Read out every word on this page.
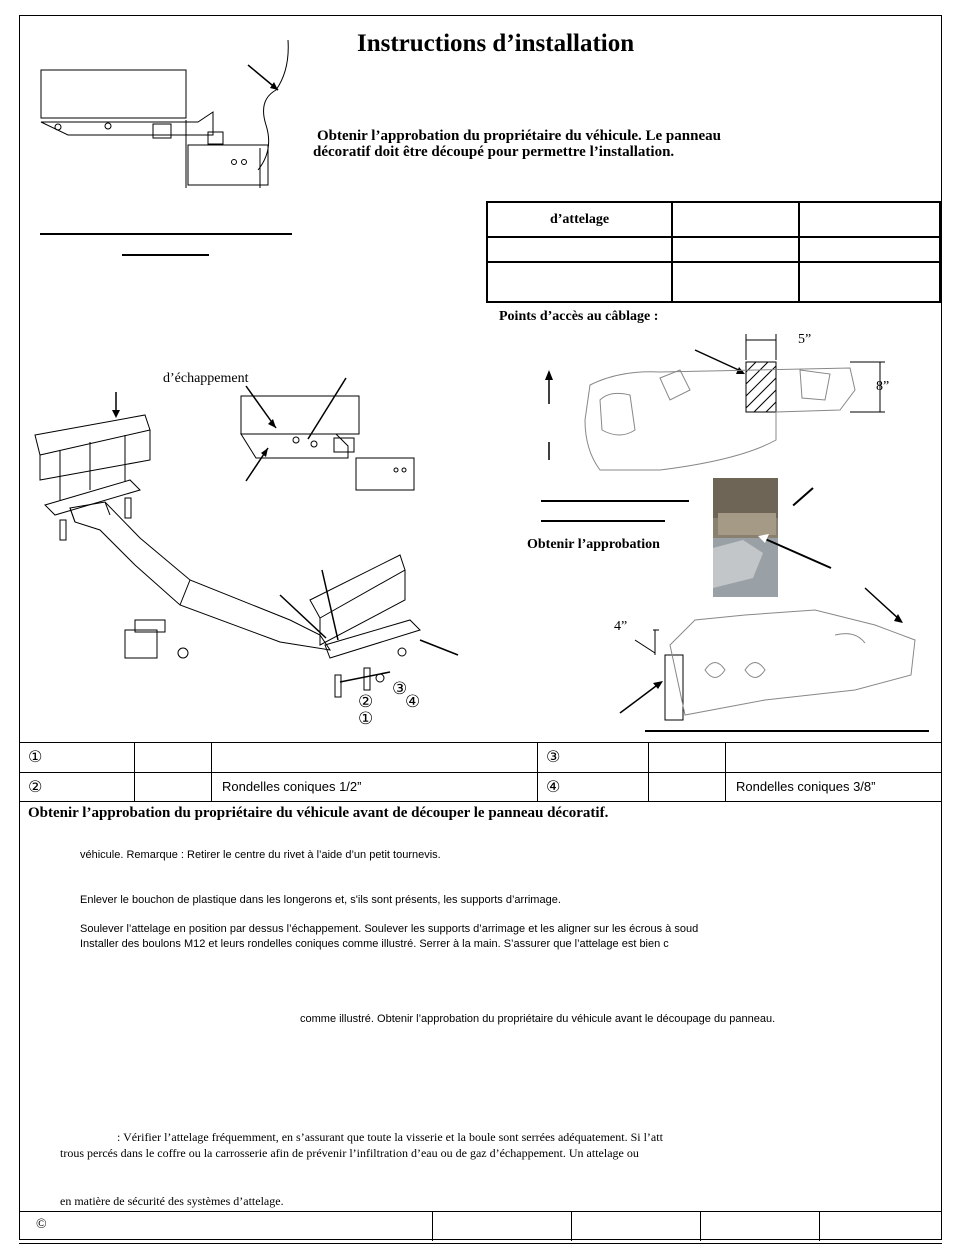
Instructions d’installation
Obtenir l’approbation du propriétaire du véhicule. Le panneau
décoratif doit être découpé pour permettre l’installation.
d’attelage		

Points d’accès au câblage :
d’échappement
③
② ④
①
5”
8”
Obtenir l’approbation
4”
①			③		
②		Rondelles coniques 1/2”	④		Rondelles coniques 3/8”
Obtenir l’approbation du propriétaire du véhicule avant de découper le panneau décoratif.
véhicule. Remarque : Retirer le centre du rivet à l’aide d’un petit tournevis.
Enlever le bouchon de plastique dans les longerons et, s'ils sont présents, les supports d’arrimage.
Soulever l’attelage en position par dessus l’échappement. Soulever les supports d’arrimage et les aligner sur les écrous à soud
Installer des boulons M12 et leurs rondelles coniques comme illustré. Serrer à la main. S’assurer que l’attelage est bien c
comme illustré. Obtenir l’approbation du propriétaire du véhicule avant le découpage du panneau.
: Vérifier l’attelage fréquemment, en s’assurant que toute la visserie et la boule sont serrées adéquatement. Si l’att
trous percés dans le coffre ou la carrosserie afin de prévenir l’infiltration d’eau ou de gaz d’échappement. Un attelage ou
en matière de sécurité des systèmes d’attelage.
©
